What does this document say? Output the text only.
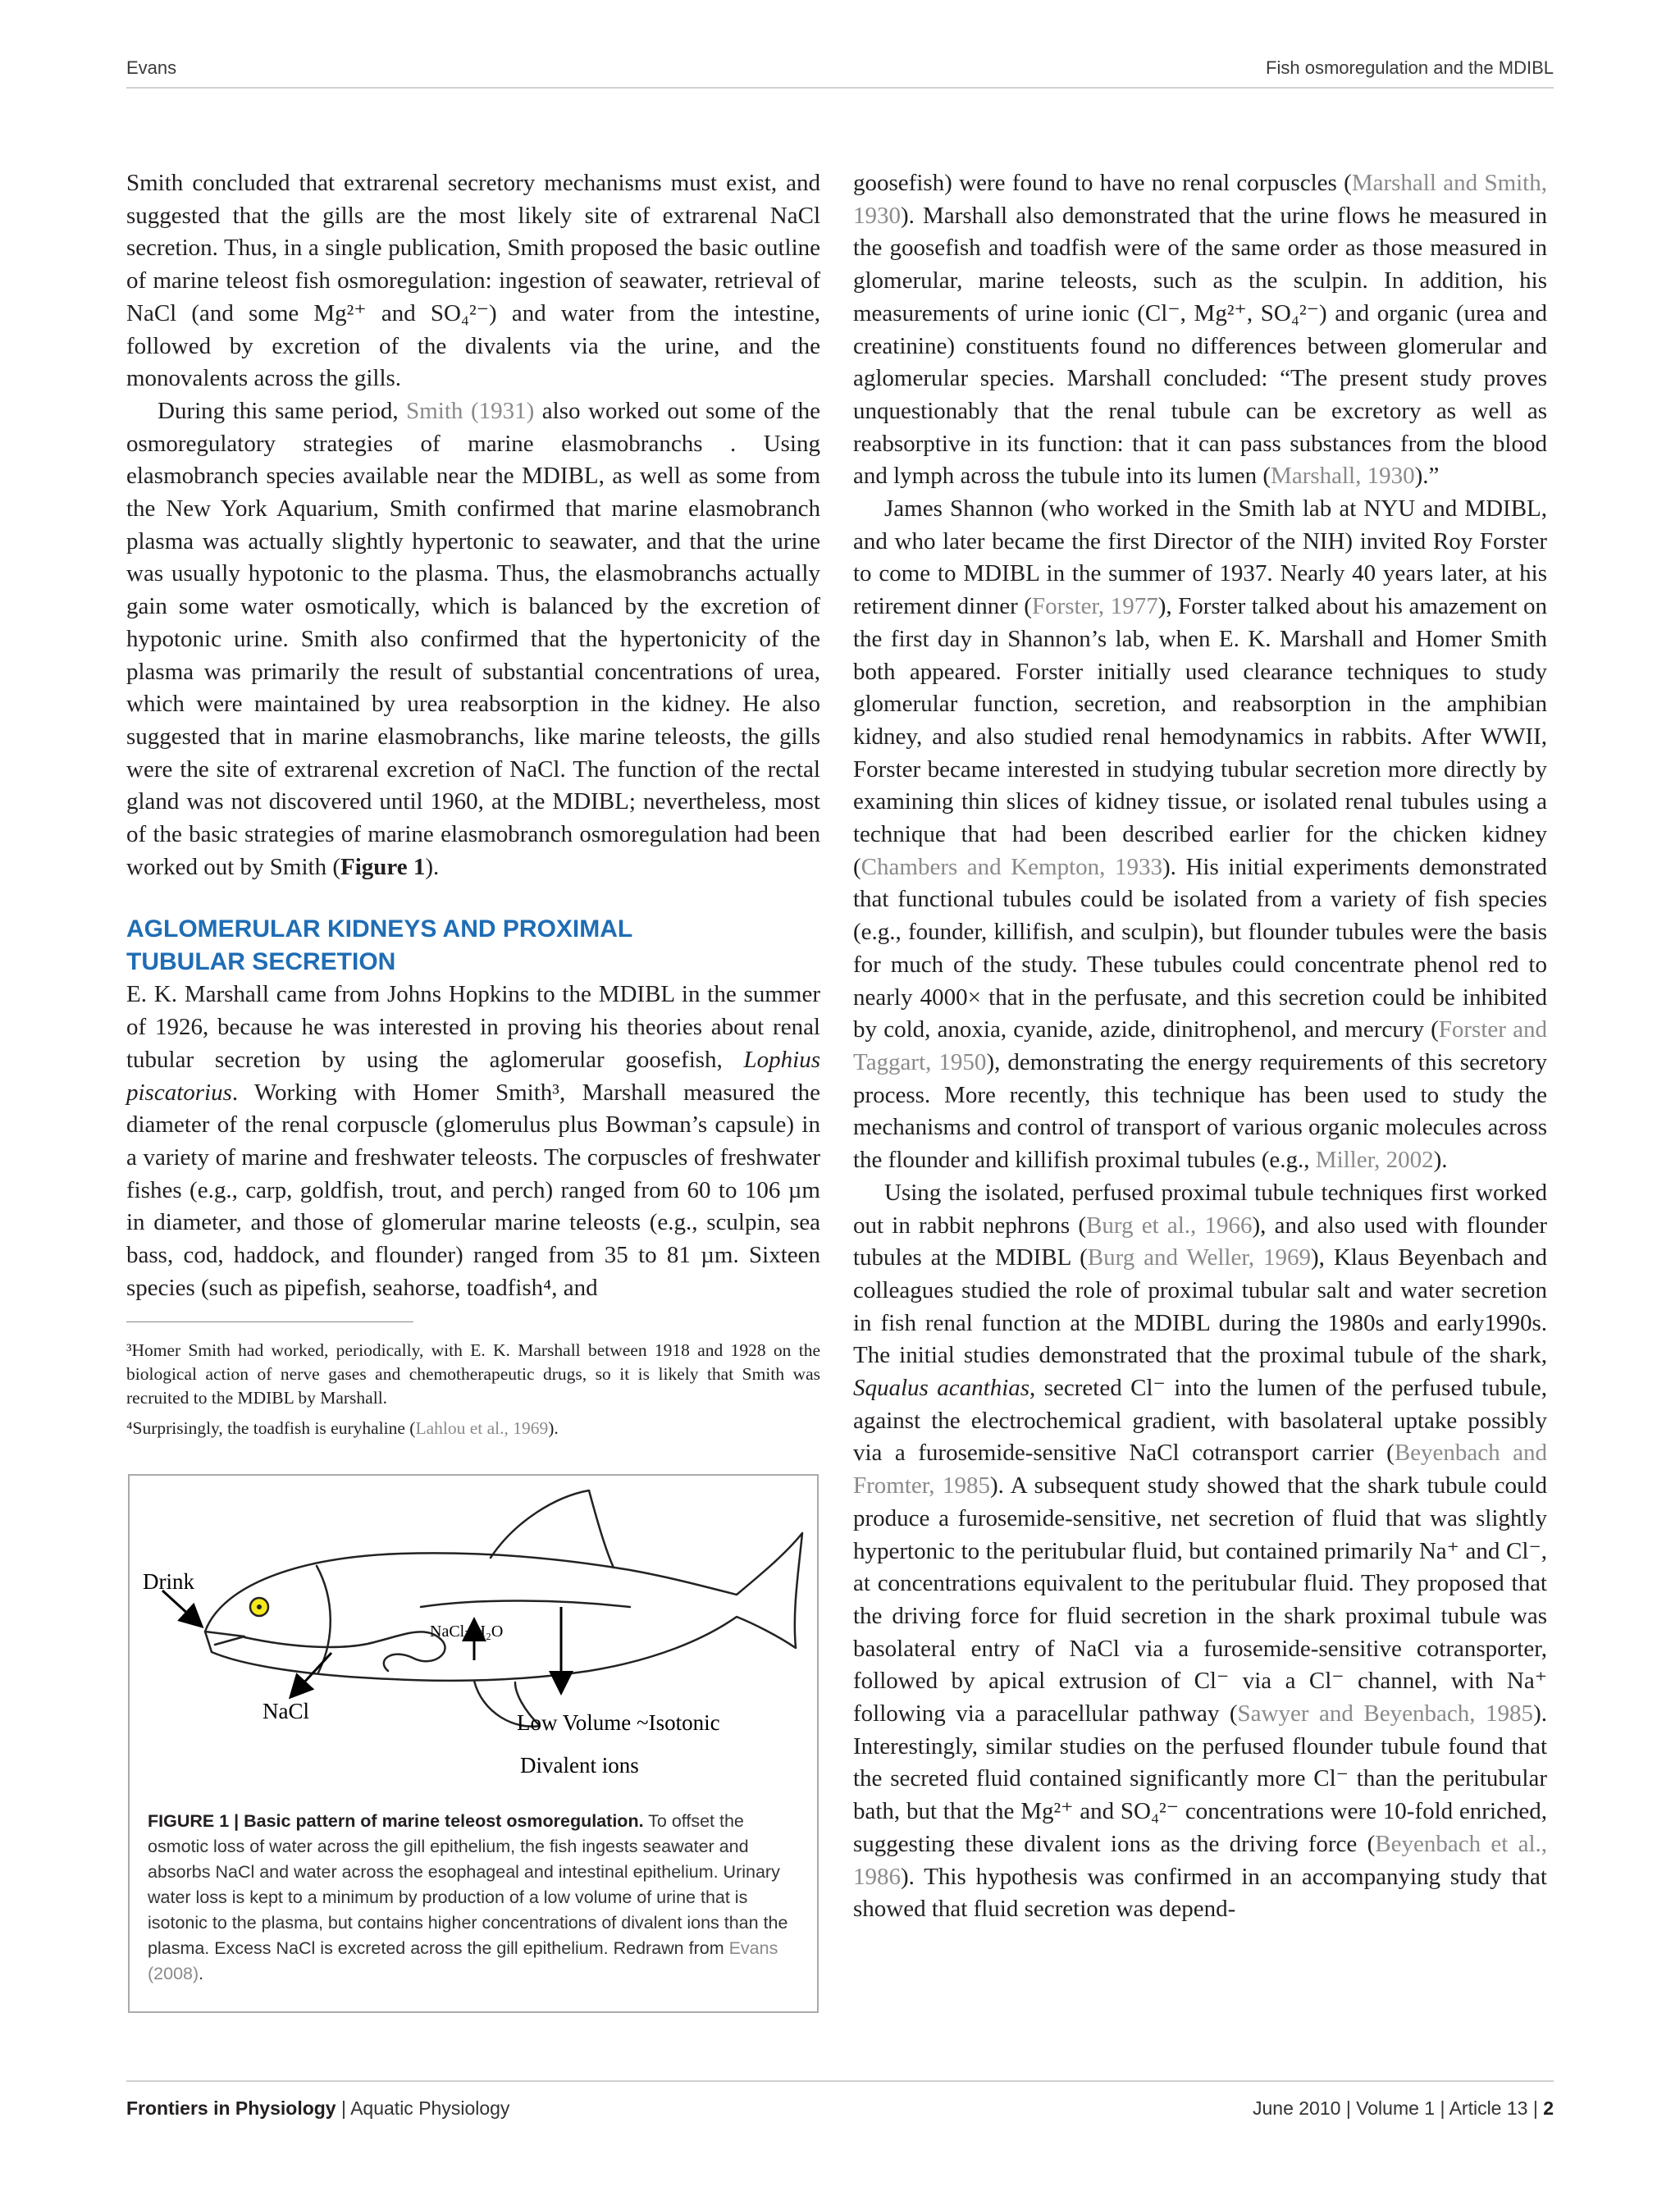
Evans	Fish osmoregulation and the MDIBL

Smith concluded that extrarenal secretory mechanisms must exist, and suggested that the gills are the most likely site of extrarenal NaCl secretion. Thus, in a single publication, Smith proposed the basic outline of marine teleost fish osmoregulation: ingestion of seawater, retrieval of NaCl (and some Mg²⁺ and SO₄²⁻) and water from the intestine, followed by excretion of the divalents via the urine, and the monovalents across the gills.

During this same period, Smith (1931) also worked out some of the osmoregulatory strategies of marine elasmobranchs . Using elasmobranch species available near the MDIBL, as well as some from the New York Aquarium, Smith confirmed that marine elasmobranch plasma was actually slightly hypertonic to seawater, and that the urine was usually hypotonic to the plasma. Thus, the elasmobranchs actually gain some water osmotically, which is balanced by the excretion of hypotonic urine. Smith also confirmed that the hypertonicity of the plasma was primarily the result of substantial concentrations of urea, which were maintained by urea reabsorption in the kidney. He also suggested that in marine elasmobranchs, like marine teleosts, the gills were the site of extrarenal excretion of NaCl. The function of the rectal gland was not discovered until 1960, at the MDIBL; nevertheless, most of the basic strategies of marine elasmobranch osmoregulation had been worked out by Smith (Figure 1).

AGLOMERULAR KIDNEYS AND PROXIMAL
TUBULAR SECRETION

E. K. Marshall came from Johns Hopkins to the MDIBL in the summer of 1926, because he was interested in proving his theories about renal tubular secretion by using the aglomerular goosefish, Lophius piscatorius. Working with Homer Smith³, Marshall measured the diameter of the renal corpuscle (glomerulus plus Bowman’s capsule) in a variety of marine and freshwater teleosts. The corpuscles of freshwater fishes (e.g., carp, goldfish, trout, and perch) ranged from 60 to 106 µm in diameter, and those of glomerular marine teleosts (e.g., sculpin, sea bass, cod, haddock, and flounder) ranged from 35 to 81 µm. Sixteen species (such as pipefish, seahorse, toadfish⁴, and

³Homer Smith had worked, periodically, with E. K. Marshall between 1918 and 1928 on the biological action of nerve gases and chemotherapeutic drugs, so it is likely that Smith was recruited to the MDIBL by Marshall.

⁴Surprisingly, the toadfish is euryhaline (Lahlou et al., 1969).

Drink
NaCl+H₂O
NaCl	Low Volume ~Isotonic
Divalent ions
FIGURE 1 | Basic pattern of marine teleost osmoregulation. To offset the osmotic loss of water across the gill epithelium, the fish ingests seawater and absorbs NaCl and water across the esophageal and intestinal epithelium. Urinary water loss is kept to a minimum by production of a low volume of urine that is isotonic to the plasma, but contains higher concentrations of divalent ions than the plasma. Excess NaCl is excreted across the gill epithelium. Redrawn from Evans (2008).

goosefish) were found to have no renal corpuscles (Marshall and Smith, 1930). Marshall also demonstrated that the urine flows he measured in the goosefish and toadfish were of the same order as those measured in glomerular, marine teleosts, such as the sculpin. In addition, his measurements of urine ionic (Cl⁻, Mg²⁺, SO₄²⁻) and organic (urea and creatinine) constituents found no differences between glomerular and aglomerular species. Marshall concluded: “The present study proves unquestionably that the renal tubule can be excretory as well as reabsorptive in its function: that it can pass substances from the blood and lymph across the tubule into its lumen (Marshall, 1930).”

James Shannon (who worked in the Smith lab at NYU and MDIBL, and who later became the first Director of the NIH) invited Roy Forster to come to MDIBL in the summer of 1937. Nearly 40 years later, at his retirement dinner (Forster, 1977), Forster talked about his amazement on the first day in Shannon’s lab, when E. K. Marshall and Homer Smith both appeared. Forster initially used clearance techniques to study glomerular function, secretion, and reabsorption in the amphibian kidney, and also studied renal hemodynamics in rabbits. After WWII, Forster became interested in studying tubular secretion more directly by examining thin slices of kidney tissue, or isolated renal tubules using a technique that had been described earlier for the chicken kidney (Chambers and Kempton, 1933). His initial experiments demonstrated that functional tubules could be isolated from a variety of fish species (e.g., founder, killifish, and sculpin), but flounder tubules were the basis for much of the study. These tubules could concentrate phenol red to nearly 4000× that in the perfusate, and this secretion could be inhibited by cold, anoxia, cyanide, azide, dinitrophenol, and mercury (Forster and Taggart, 1950), demonstrating the energy requirements of this secretory process. More recently, this technique has been used to study the mechanisms and control of transport of various organic molecules across the flounder and killifish proximal tubules (e.g., Miller, 2002).

Using the isolated, perfused proximal tubule techniques first worked out in rabbit nephrons (Burg et al., 1966), and also used with flounder tubules at the MDIBL (Burg and Weller, 1969), Klaus Beyenbach and colleagues studied the role of proximal tubular salt and water secretion in fish renal function at the MDIBL during the 1980s and early1990s. The initial studies demonstrated that the proximal tubule of the shark, Squalus acanthias, secreted Cl⁻ into the lumen of the perfused tubule, against the electrochemical gradient, with basolateral uptake possibly via a furosemide-sensitive NaCl cotransport carrier (Beyenbach and Fromter, 1985). A subsequent study showed that the shark tubule could produce a furosemide-sensitive, net secretion of fluid that was slightly hypertonic to the peritubular fluid, but contained primarily Na⁺ and Cl⁻, at concentrations equivalent to the peritubular fluid. They proposed that the driving force for fluid secretion in the shark proximal tubule was basolateral entry of NaCl via a furosemide-sensitive cotransporter, followed by apical extrusion of Cl⁻ via a Cl⁻ channel, with Na⁺ following via a paracellular pathway (Sawyer and Beyenbach, 1985). Interestingly, similar studies on the perfused flounder tubule found that the secreted fluid contained significantly more Cl⁻ than the peritubular bath, but that the Mg²⁺ and SO₄²⁻ concentrations were 10-fold enriched, suggesting these divalent ions as the driving force (Beyenbach et al., 1986). This hypothesis was confirmed in an accompanying study that showed that fluid secretion was depend-

Frontiers in Physiology | Aquatic Physiology	June 2010 | Volume 1 | Article 13 | 2
